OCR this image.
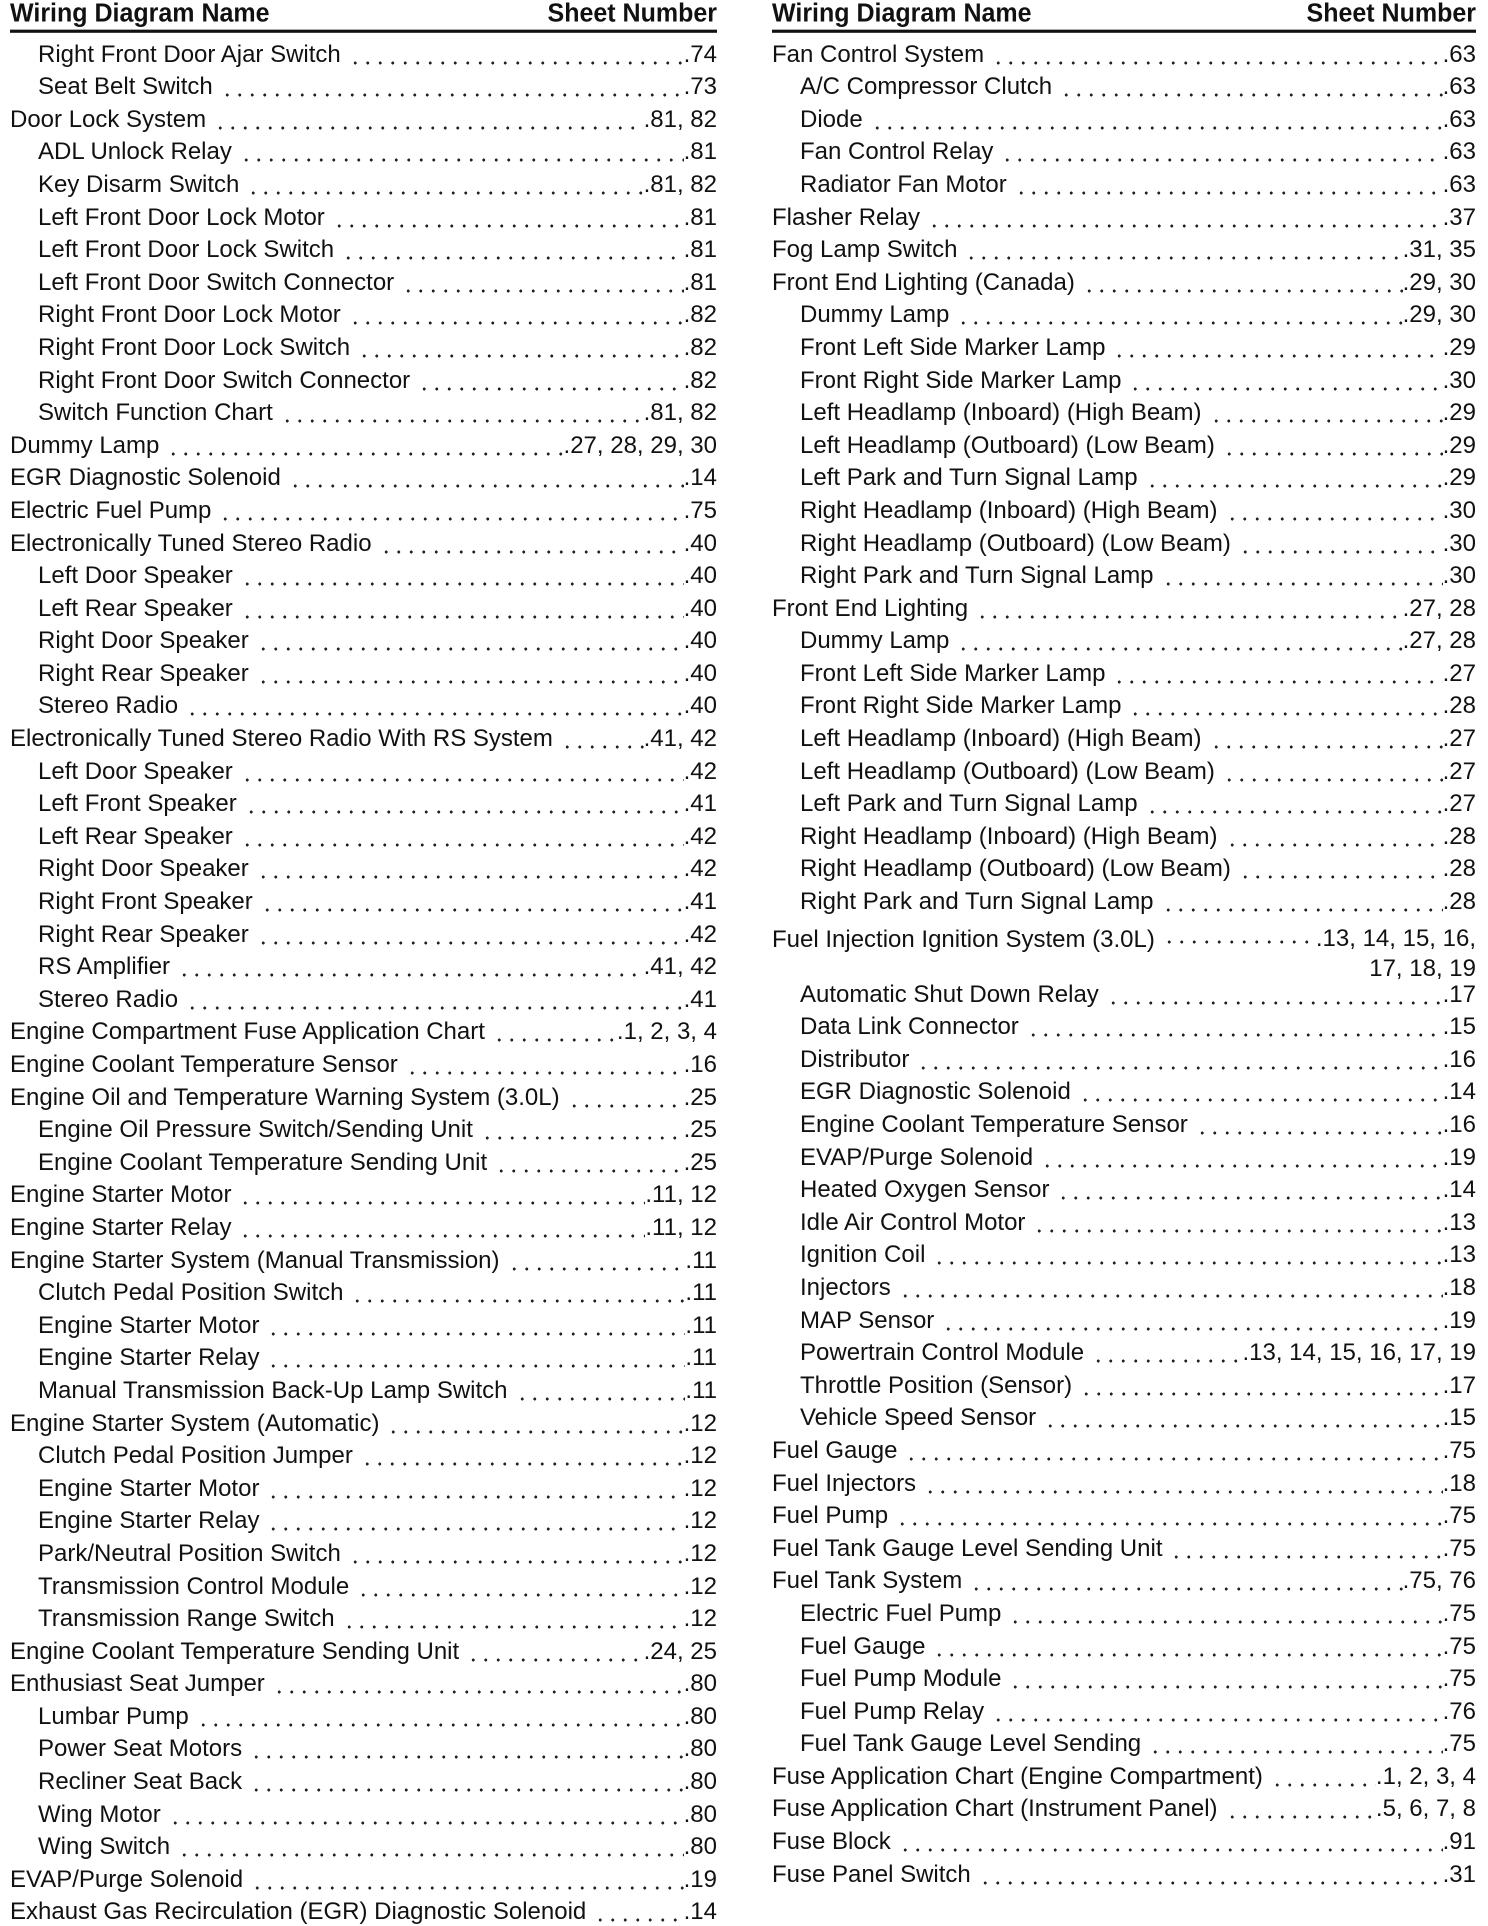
Wiring Diagram Name	Sheet Number
Right Front Door Ajar Switch	.74
Seat Belt Switch	.73
Door Lock System	.81, 82
ADL Unlock Relay	.81
Key Disarm Switch	.81, 82
Left Front Door Lock Motor	.81
Left Front Door Lock Switch	.81
Left Front Door Switch Connector	.81
Right Front Door Lock Motor	.82
Right Front Door Lock Switch	.82
Right Front Door Switch Connector	.82
Switch Function Chart	.81, 82
Dummy Lamp	.27, 28, 29, 30
EGR Diagnostic Solenoid	.14
Electric Fuel Pump	.75
Electronically Tuned Stereo Radio	.40
Left Door Speaker	.40
Left Rear Speaker	.40
Right Door Speaker	.40
Right Rear Speaker	.40
Stereo Radio	.40
Electronically Tuned Stereo Radio With RS System	.41, 42
Left Door Speaker	.42
Left Front Speaker	.41
Left Rear Speaker	.42
Right Door Speaker	.42
Right Front Speaker	.41
Right Rear Speaker	.42
RS Amplifier	.41, 42
Stereo Radio	.41
Engine Compartment Fuse Application Chart	.1, 2, 3, 4
Engine Coolant Temperature Sensor	.16
Engine Oil and Temperature Warning System (3.0L)	.25
Engine Oil Pressure Switch/Sending Unit	.25
Engine Coolant Temperature Sending Unit	.25
Engine Starter Motor	.11, 12
Engine Starter Relay	.11, 12
Engine Starter System (Manual Transmission)	.11
Clutch Pedal Position Switch	.11
Engine Starter Motor	.11
Engine Starter Relay	.11
Manual Transmission Back-Up Lamp Switch	.11
Engine Starter System (Automatic)	.12
Clutch Pedal Position Jumper	.12
Engine Starter Motor	.12
Engine Starter Relay	.12
Park/Neutral Position Switch	.12
Transmission Control Module	.12
Transmission Range Switch	.12
Engine Coolant Temperature Sending Unit	.24, 25
Enthusiast Seat Jumper	.80
Lumbar Pump	.80
Power Seat Motors	.80
Recliner Seat Back	.80
Wing Motor	.80
Wing Switch	.80
EVAP/Purge Solenoid	.19
Exhaust Gas Recirculation (EGR) Diagnostic Solenoid	.14
Wiring Diagram Name	Sheet Number
Fan Control System	.63
A/C Compressor Clutch	.63
Diode	.63
Fan Control Relay	.63
Radiator Fan Motor	.63
Flasher Relay	.37
Fog Lamp Switch	.31, 35
Front End Lighting (Canada)	.29, 30
Dummy Lamp	.29, 30
Front Left Side Marker Lamp	.29
Front Right Side Marker Lamp	.30
Left Headlamp (Inboard) (High Beam)	.29
Left Headlamp (Outboard) (Low Beam)	.29
Left Park and Turn Signal Lamp	.29
Right Headlamp (Inboard) (High Beam)	.30
Right Headlamp (Outboard) (Low Beam)	.30
Right Park and Turn Signal Lamp	.30
Front End Lighting	.27, 28
Dummy Lamp	.27, 28
Front Left Side Marker Lamp	.27
Front Right Side Marker Lamp	.28
Left Headlamp (Inboard) (High Beam)	.27
Left Headlamp (Outboard) (Low Beam)	.27
Left Park and Turn Signal Lamp	.27
Right Headlamp (Inboard) (High Beam)	.28
Right Headlamp (Outboard) (Low Beam)	.28
Right Park and Turn Signal Lamp	.28
Fuel Injection Ignition System (3.0L)	.13, 14, 15, 16,
17, 18, 19
Automatic Shut Down Relay	.17
Data Link Connector	.15
Distributor	.16
EGR Diagnostic Solenoid	.14
Engine Coolant Temperature Sensor	.16
EVAP/Purge Solenoid	.19
Heated Oxygen Sensor	.14
Idle Air Control Motor	.13
Ignition Coil	.13
Injectors	.18
MAP Sensor	.19
Powertrain Control Module	.13, 14, 15, 16, 17, 19
Throttle Position (Sensor)	.17
Vehicle Speed Sensor	.15
Fuel Gauge	.75
Fuel Injectors	.18
Fuel Pump	.75
Fuel Tank Gauge Level Sending Unit	.75
Fuel Tank System	.75, 76
Electric Fuel Pump	.75
Fuel Gauge	.75
Fuel Pump Module	.75
Fuel Pump Relay	.76
Fuel Tank Gauge Level Sending	.75
Fuse Application Chart (Engine Compartment)	.1, 2, 3, 4
Fuse Application Chart (Instrument Panel)	.5, 6, 7, 8
Fuse Block	.91
Fuse Panel Switch	.31
